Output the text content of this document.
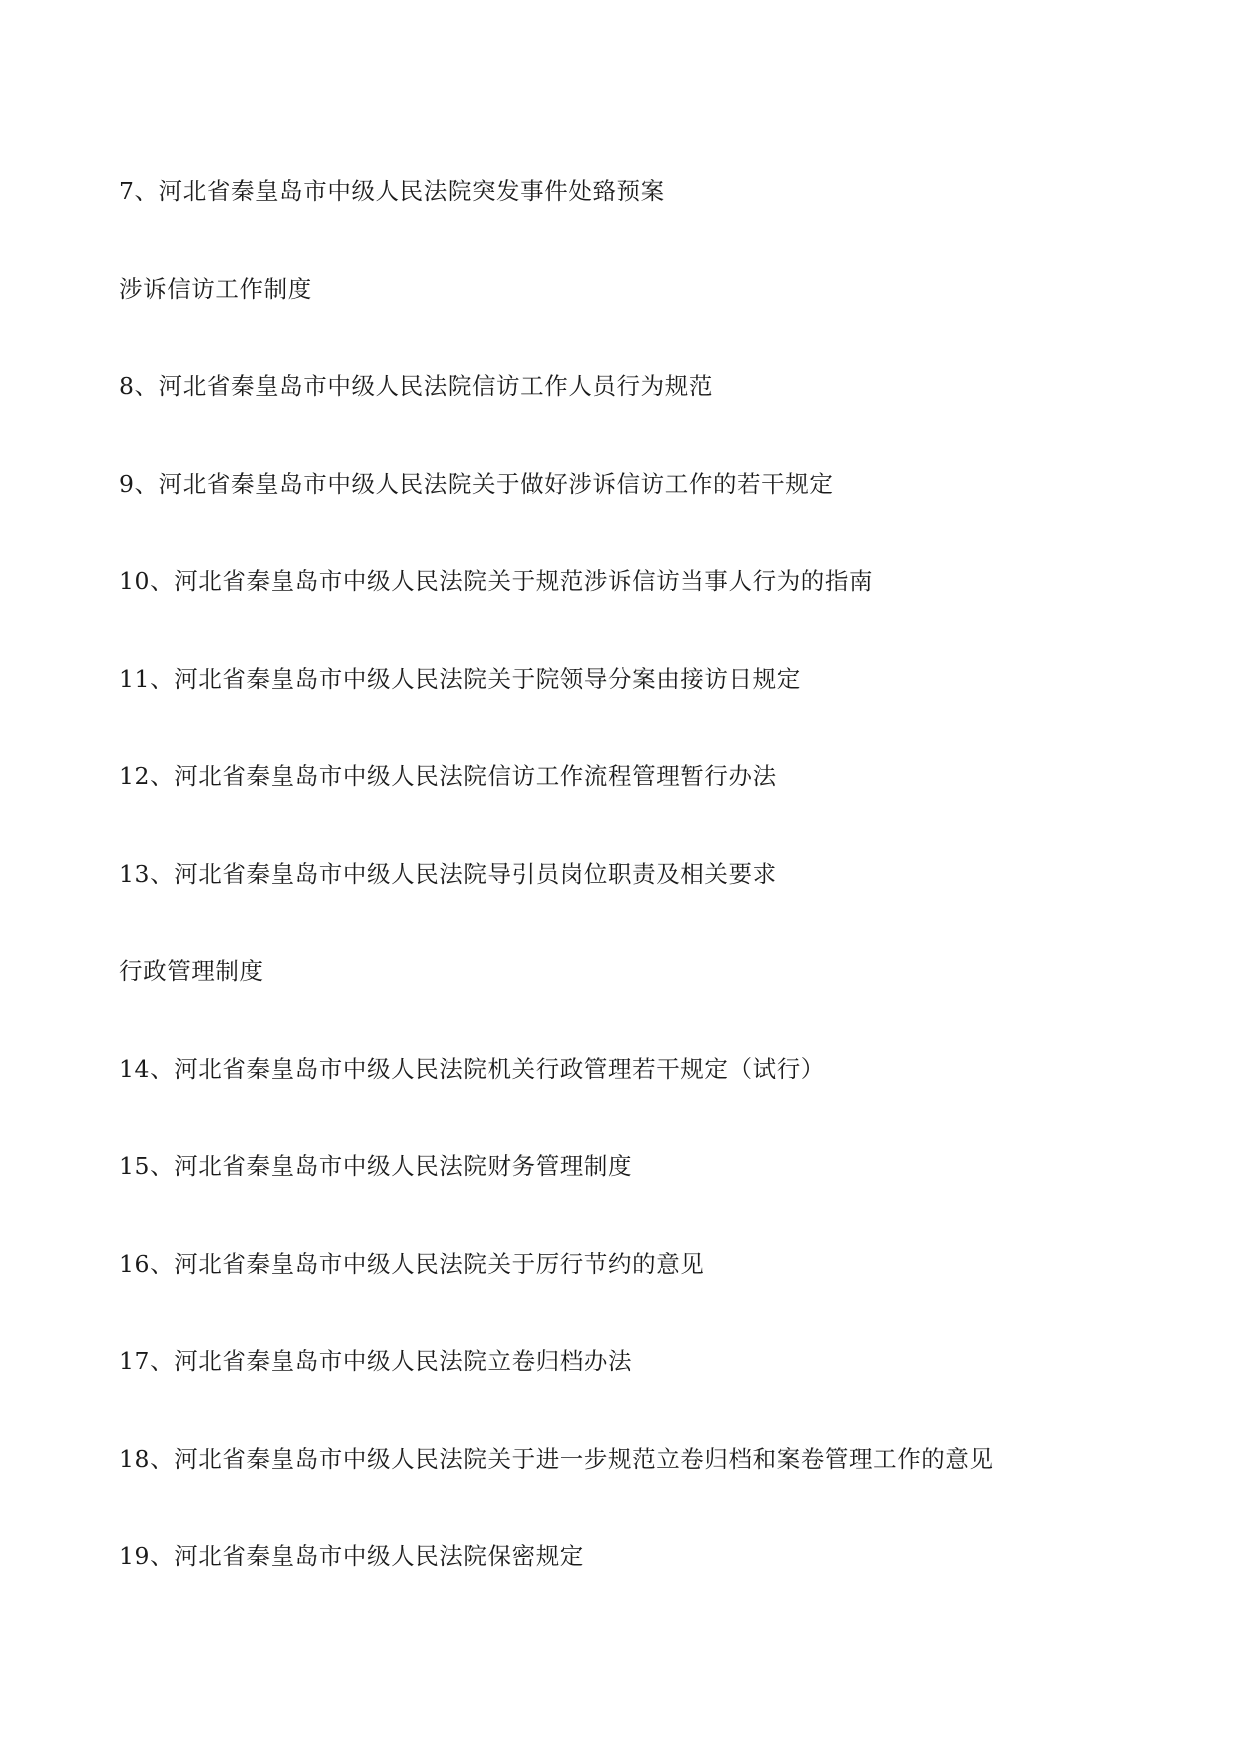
7、河北省秦皇岛市中级人民法院突发事件处臵预案
涉诉信访工作制度
8、河北省秦皇岛市中级人民法院信访工作人员行为规范
9、河北省秦皇岛市中级人民法院关于做好涉诉信访工作的若干规定
10、河北省秦皇岛市中级人民法院关于规范涉诉信访当事人行为的指南
11、河北省秦皇岛市中级人民法院关于院领导分案由接访日规定
12、河北省秦皇岛市中级人民法院信访工作流程管理暂行办法
13、河北省秦皇岛市中级人民法院导引员岗位职责及相关要求
行政管理制度
14、河北省秦皇岛市中级人民法院机关行政管理若干规定（试行）
15、河北省秦皇岛市中级人民法院财务管理制度
16、河北省秦皇岛市中级人民法院关于厉行节约的意见
17、河北省秦皇岛市中级人民法院立卷归档办法
18、河北省秦皇岛市中级人民法院关于进一步规范立卷归档和案卷管理工作的意见
19、河北省秦皇岛市中级人民法院保密规定
